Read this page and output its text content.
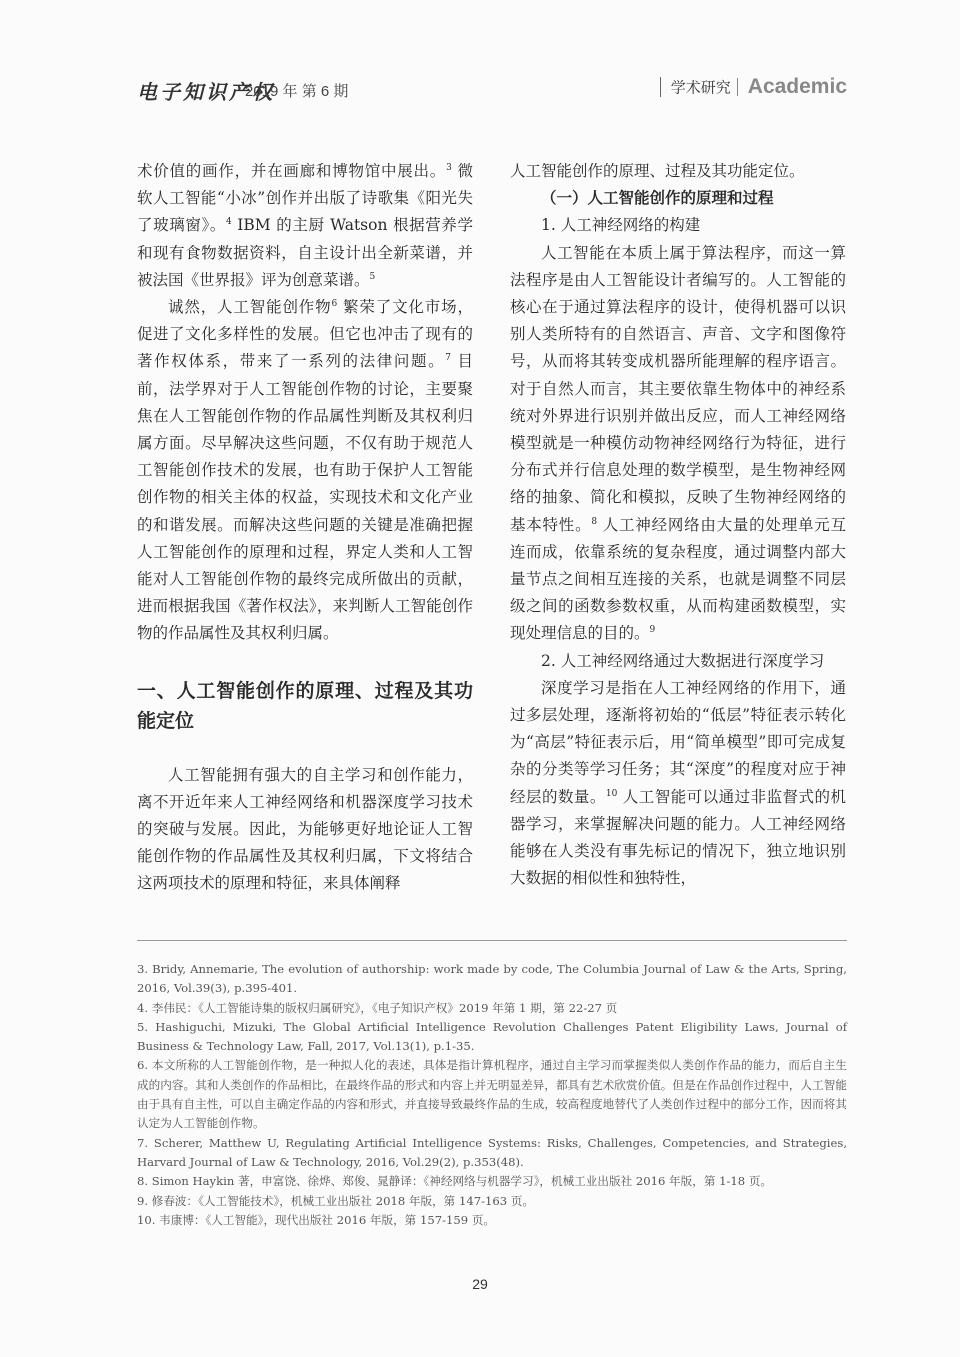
电子知识产权
2019 年 第 6 期	学术研究 Academic

术价值的画作，并在画廊和博物馆中展出。$^3$ 微软人工智能“小冰”创作并出版了诗歌集《阳光失了玻璃窗》。$^4$ IBM 的主厨 Watson 根据营养学和现有食物数据资料，自主设计出全新菜谱，并被法国《世界报》评为创意菜谱。$^5$

诚然，人工智能创作物$^6$ 繁荣了文化市场，促进了文化多样性的发展。但它也冲击了现有的著作权体系，带来了一系列的法律问题。$^7$ 目前，法学界对于人工智能创作物的讨论，主要聚焦在人工智能创作物的作品属性判断及其权利归属方面。尽早解决这些问题，不仅有助于规范人工智能创作技术的发展，也有助于保护人工智能创作物的相关主体的权益，实现技术和文化产业的和谐发展。而解决这些问题的关键是准确把握人工智能创作的原理和过程，界定人类和人工智能对人工智能创作物的最终完成所做出的贡献，进而根据我国《著作权法》，来判断人工智能创作物的作品属性及其权利归属。

一、人工智能创作的原理、过程及其功能定位

人工智能拥有强大的自主学习和创作能力，离不开近年来人工神经网络和机器深度学习技术的突破与发展。因此，为能够更好地论证人工智能创作物的作品属性及其权利归属，下文将结合这两项技术的原理和特征，来具体阐释

人工智能创作的原理、过程及其功能定位。

（一）人工智能创作的原理和过程

1. 人工神经网络的构建

人工智能在本质上属于算法程序，而这一算法程序是由人工智能设计者编写的。人工智能的核心在于通过算法程序的设计，使得机器可以识别人类所特有的自然语言、声音、文字和图像符号，从而将其转变成机器所能理解的程序语言。对于自然人而言，其主要依靠生物体中的神经系统对外界进行识别并做出反应，而人工神经网络模型就是一种模仿动物神经网络行为特征，进行分布式并行信息处理的数学模型，是生物神经网络的抽象、简化和模拟，反映了生物神经网络的基本特性。$^8$ 人工神经网络由大量的处理单元互连而成，依靠系统的复杂程度，通过调整内部大量节点之间相互连接的关系，也就是调整不同层级之间的函数参数权重，从而构建函数模型，实现处理信息的目的。$^9$

2. 人工神经网络通过大数据进行深度学习

深度学习是指在人工神经网络的作用下，通过多层处理，逐渐将初始的“低层”特征表示转化为“高层”特征表示后，用“简单模型”即可完成复杂的分类等学习任务；其“深度”的程度对应于神经层的数量。$^{10}$ 人工智能可以通过非监督式的机器学习，来掌握解决问题的能力。人工神经网络能够在人类没有事先标记的情况下，独立地识别大数据的相似性和独特性，

3. Bridy, Annemarie, The evolution of authorship: work made by code, The Columbia Journal of Law & the Arts, Spring, 2016, Vol.39(3), p.395-401.
4. 李伟民：《人工智能诗集的版权归属研究》，《电子知识产权》2019 年第 1 期，第 22-27 页
5. Hashiguchi, Mizuki, The Global Artificial Intelligence Revolution Challenges Patent Eligibility Laws, Journal of Business & Technology Law, Fall, 2017, Vol.13(1), p.1-35.
6. 本文所称的人工智能创作物，是一种拟人化的表述，具体是指计算机程序，通过自主学习而掌握类似人类创作作品的能力，而后自主生成的内容。其和人类创作的作品相比，在最终作品的形式和内容上并无明显差异，都具有艺术欣赏价值。但是在作品创作过程中，人工智能由于具有自主性，可以自主确定作品的内容和形式，并直接导致最终作品的生成，较高程度地替代了人类创作过程中的部分工作，因而将其认定为人工智能创作物。
7. Scherer, Matthew U, Regulating Artificial Intelligence Systems: Risks, Challenges, Competencies, and Strategies, Harvard Journal of Law & Technology, 2016, Vol.29(2), p.353(48).
8. Simon Haykin 著，申富饶、徐烨、郑俊、晁静译：《神经网络与机器学习》，机械工业出版社 2016 年版，第 1-18 页。
9. 修春波：《人工智能技术》，机械工业出版社 2018 年版，第 147-163 页。
10. 韦康博：《人工智能》，现代出版社 2016 年版，第 157-159 页。
29
